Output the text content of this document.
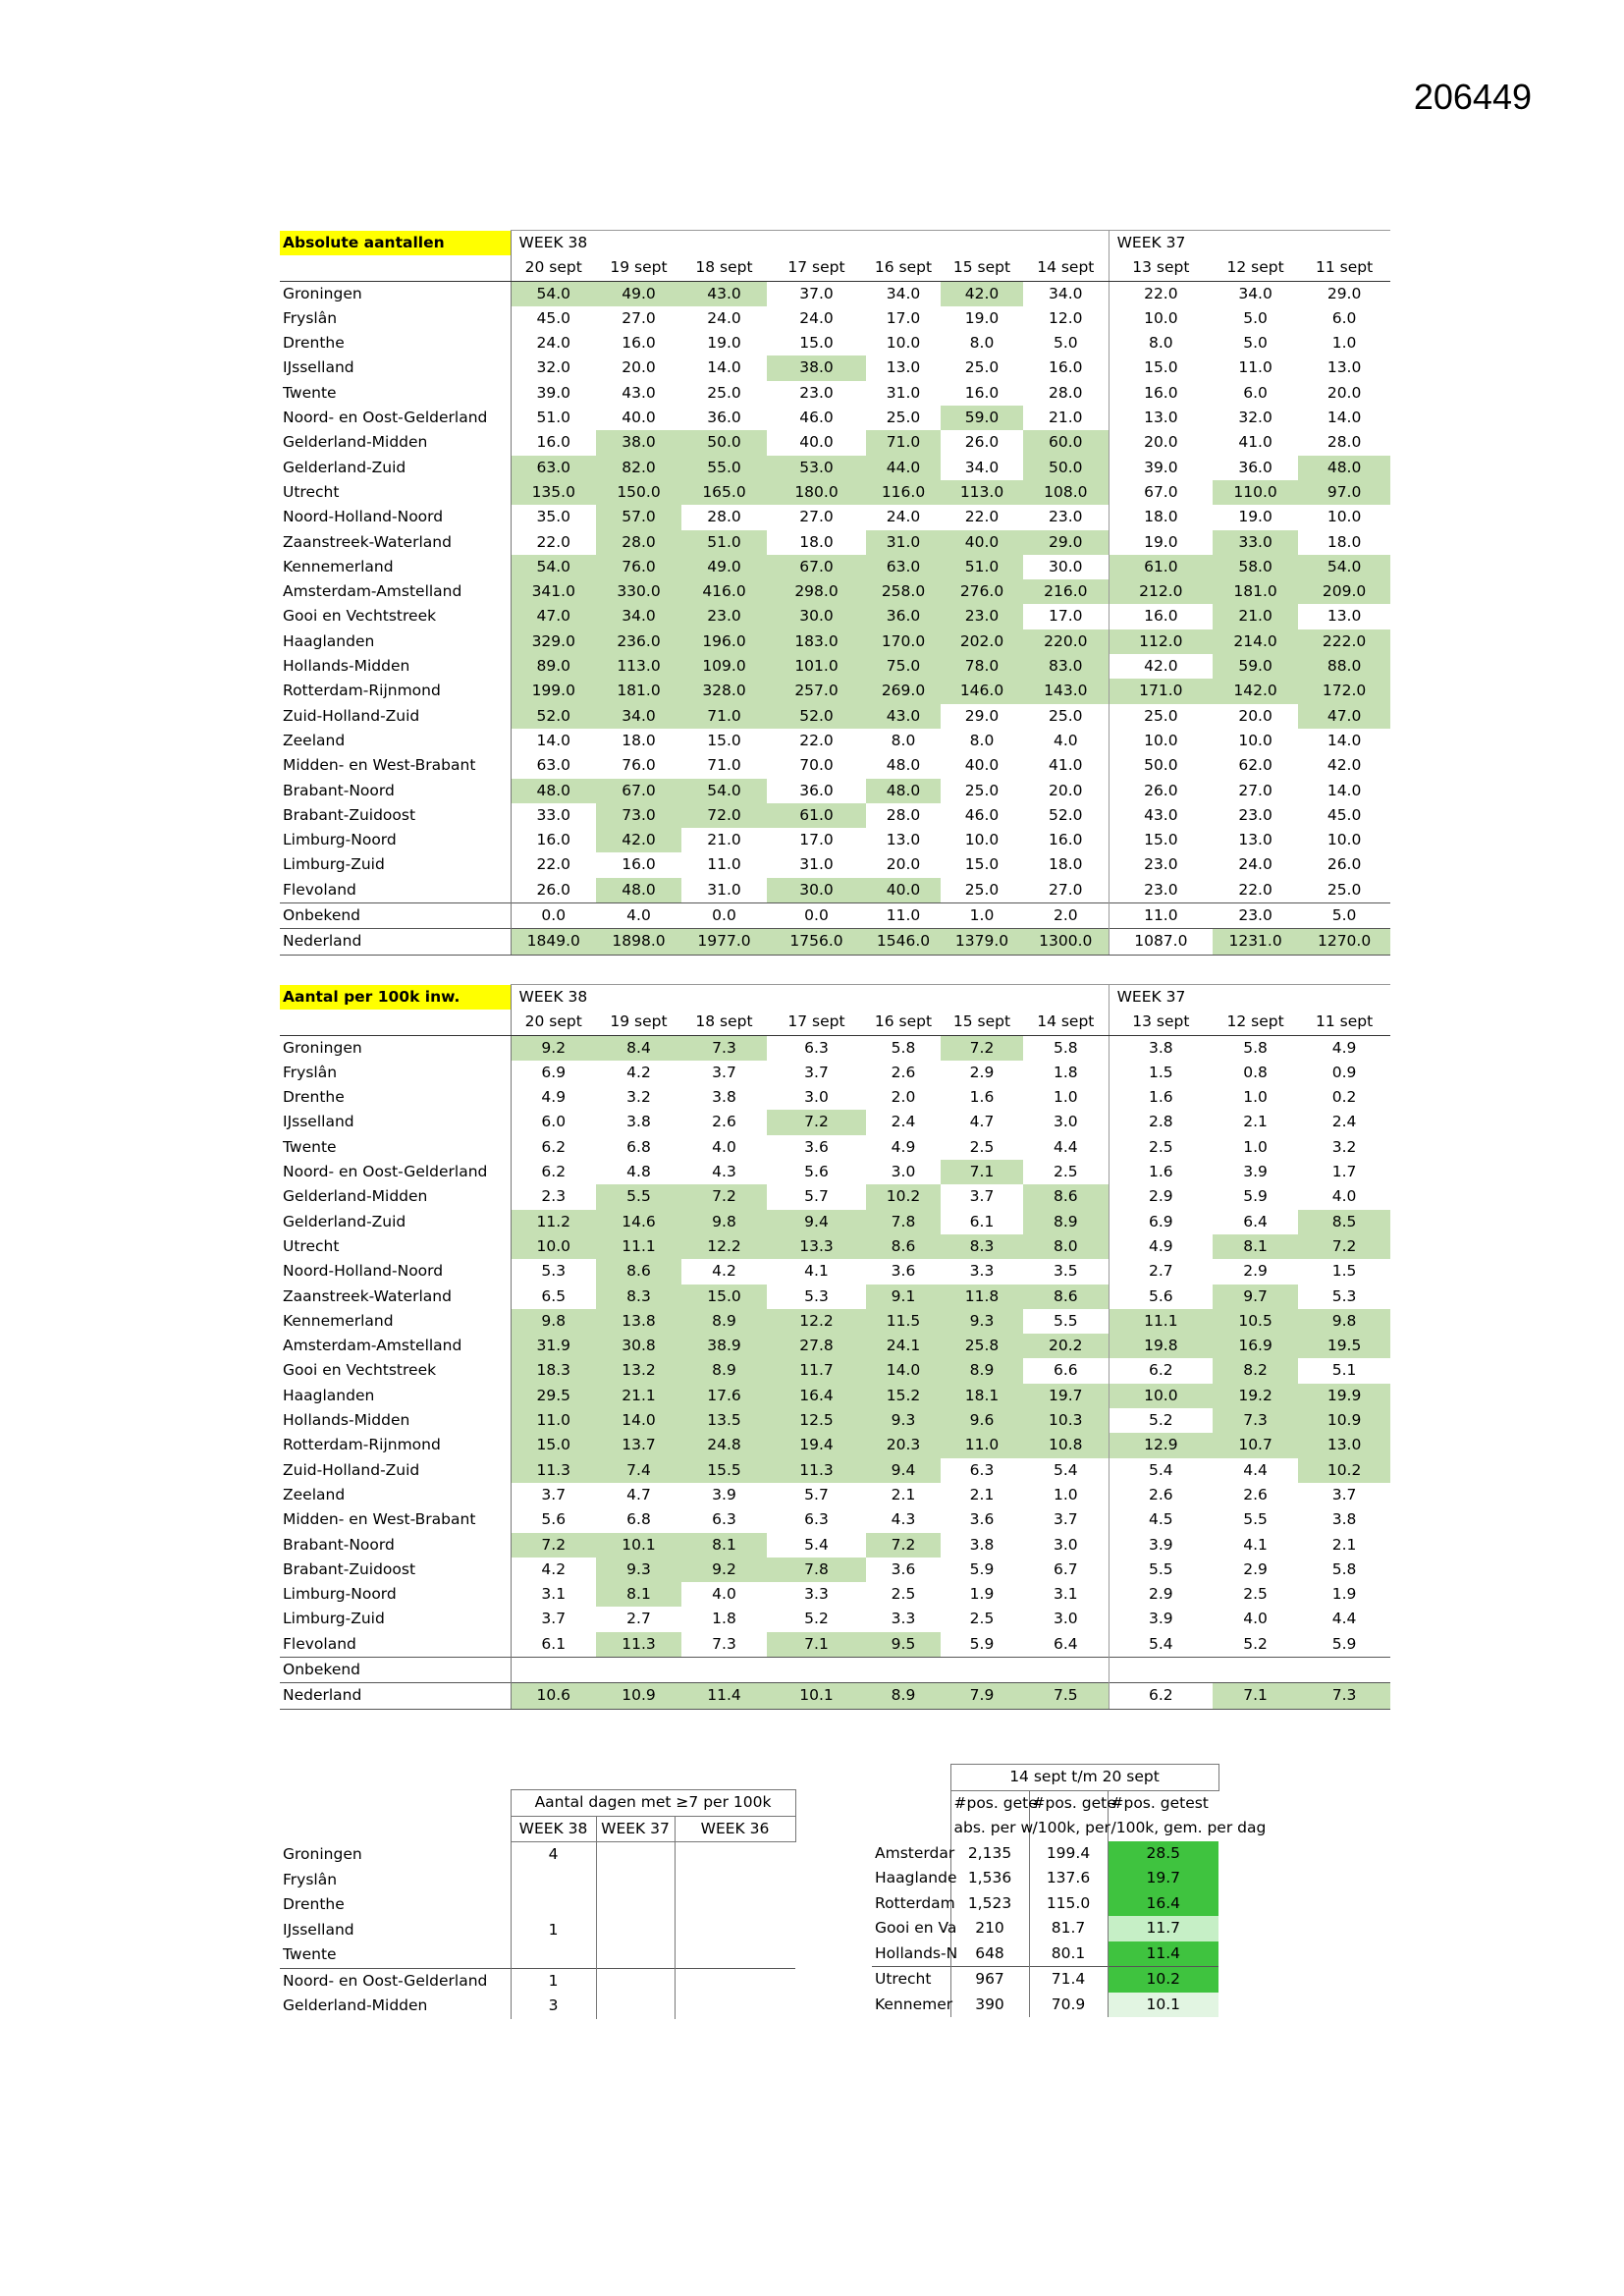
206449
Absolute aantallen	WEEK 38							WEEK 37		
	20 sept	19 sept	18 sept	17 sept	16 sept	15 sept	14 sept	13 sept	12 sept	11 sept
Groningen	54.0	49.0	43.0	37.0	34.0	42.0	34.0	22.0	34.0	29.0
Fryslân	45.0	27.0	24.0	24.0	17.0	19.0	12.0	10.0	5.0	6.0
Drenthe	24.0	16.0	19.0	15.0	10.0	8.0	5.0	8.0	5.0	1.0
IJsselland	32.0	20.0	14.0	38.0	13.0	25.0	16.0	15.0	11.0	13.0
Twente	39.0	43.0	25.0	23.0	31.0	16.0	28.0	16.0	6.0	20.0
Noord- en Oost-Gelderland	51.0	40.0	36.0	46.0	25.0	59.0	21.0	13.0	32.0	14.0
Gelderland-Midden	16.0	38.0	50.0	40.0	71.0	26.0	60.0	20.0	41.0	28.0
Gelderland-Zuid	63.0	82.0	55.0	53.0	44.0	34.0	50.0	39.0	36.0	48.0
Utrecht	135.0	150.0	165.0	180.0	116.0	113.0	108.0	67.0	110.0	97.0
Noord-Holland-Noord	35.0	57.0	28.0	27.0	24.0	22.0	23.0	18.0	19.0	10.0
Zaanstreek-Waterland	22.0	28.0	51.0	18.0	31.0	40.0	29.0	19.0	33.0	18.0
Kennemerland	54.0	76.0	49.0	67.0	63.0	51.0	30.0	61.0	58.0	54.0
Amsterdam-Amstelland	341.0	330.0	416.0	298.0	258.0	276.0	216.0	212.0	181.0	209.0
Gooi en Vechtstreek	47.0	34.0	23.0	30.0	36.0	23.0	17.0	16.0	21.0	13.0
Haaglanden	329.0	236.0	196.0	183.0	170.0	202.0	220.0	112.0	214.0	222.0
Hollands-Midden	89.0	113.0	109.0	101.0	75.0	78.0	83.0	42.0	59.0	88.0
Rotterdam-Rijnmond	199.0	181.0	328.0	257.0	269.0	146.0	143.0	171.0	142.0	172.0
Zuid-Holland-Zuid	52.0	34.0	71.0	52.0	43.0	29.0	25.0	25.0	20.0	47.0
Zeeland	14.0	18.0	15.0	22.0	8.0	8.0	4.0	10.0	10.0	14.0
Midden- en West-Brabant	63.0	76.0	71.0	70.0	48.0	40.0	41.0	50.0	62.0	42.0
Brabant-Noord	48.0	67.0	54.0	36.0	48.0	25.0	20.0	26.0	27.0	14.0
Brabant-Zuidoost	33.0	73.0	72.0	61.0	28.0	46.0	52.0	43.0	23.0	45.0
Limburg-Noord	16.0	42.0	21.0	17.0	13.0	10.0	16.0	15.0	13.0	10.0
Limburg-Zuid	22.0	16.0	11.0	31.0	20.0	15.0	18.0	23.0	24.0	26.0
Flevoland	26.0	48.0	31.0	30.0	40.0	25.0	27.0	23.0	22.0	25.0
Onbekend	0.0	4.0	0.0	0.0	11.0	1.0	2.0	11.0	23.0	5.0
Nederland	1849.0	1898.0	1977.0	1756.0	1546.0	1379.0	1300.0	1087.0	1231.0	1270.0
Aantal per 100k inw.	WEEK 38							WEEK 37		
	20 sept	19 sept	18 sept	17 sept	16 sept	15 sept	14 sept	13 sept	12 sept	11 sept
Groningen	9.2	8.4	7.3	6.3	5.8	7.2	5.8	3.8	5.8	4.9
Fryslân	6.9	4.2	3.7	3.7	2.6	2.9	1.8	1.5	0.8	0.9
Drenthe	4.9	3.2	3.8	3.0	2.0	1.6	1.0	1.6	1.0	0.2
IJsselland	6.0	3.8	2.6	7.2	2.4	4.7	3.0	2.8	2.1	2.4
Twente	6.2	6.8	4.0	3.6	4.9	2.5	4.4	2.5	1.0	3.2
Noord- en Oost-Gelderland	6.2	4.8	4.3	5.6	3.0	7.1	2.5	1.6	3.9	1.7
Gelderland-Midden	2.3	5.5	7.2	5.7	10.2	3.7	8.6	2.9	5.9	4.0
Gelderland-Zuid	11.2	14.6	9.8	9.4	7.8	6.1	8.9	6.9	6.4	8.5
Utrecht	10.0	11.1	12.2	13.3	8.6	8.3	8.0	4.9	8.1	7.2
Noord-Holland-Noord	5.3	8.6	4.2	4.1	3.6	3.3	3.5	2.7	2.9	1.5
Zaanstreek-Waterland	6.5	8.3	15.0	5.3	9.1	11.8	8.6	5.6	9.7	5.3
Kennemerland	9.8	13.8	8.9	12.2	11.5	9.3	5.5	11.1	10.5	9.8
Amsterdam-Amstelland	31.9	30.8	38.9	27.8	24.1	25.8	20.2	19.8	16.9	19.5
Gooi en Vechtstreek	18.3	13.2	8.9	11.7	14.0	8.9	6.6	6.2	8.2	5.1
Haaglanden	29.5	21.1	17.6	16.4	15.2	18.1	19.7	10.0	19.2	19.9
Hollands-Midden	11.0	14.0	13.5	12.5	9.3	9.6	10.3	5.2	7.3	10.9
Rotterdam-Rijnmond	15.0	13.7	24.8	19.4	20.3	11.0	10.8	12.9	10.7	13.0
Zuid-Holland-Zuid	11.3	7.4	15.5	11.3	9.4	6.3	5.4	5.4	4.4	10.2
Zeeland	3.7	4.7	3.9	5.7	2.1	2.1	1.0	2.6	2.6	3.7
Midden- en West-Brabant	5.6	6.8	6.3	6.3	4.3	3.6	3.7	4.5	5.5	3.8
Brabant-Noord	7.2	10.1	8.1	5.4	7.2	3.8	3.0	3.9	4.1	2.1
Brabant-Zuidoost	4.2	9.3	9.2	7.8	3.6	5.9	6.7	5.5	2.9	5.8
Limburg-Noord	3.1	8.1	4.0	3.3	2.5	1.9	3.1	2.9	2.5	1.9
Limburg-Zuid	3.7	2.7	1.8	5.2	3.3	2.5	3.0	3.9	4.0	4.4
Flevoland	6.1	11.3	7.3	7.1	9.5	5.9	6.4	5.4	5.2	5.9
Onbekend										
Nederland	10.6	10.9	11.4	10.1	8.9	7.9	7.5	6.2	7.1	7.3
	Aantal dagen met ≥7 per 100k		
	WEEK 38	WEEK 37	WEEK 36
Groningen	4		
Fryslân			
Drenthe			
IJsselland	1		
Twente			
Noord- en Oost-Gelderland	1		
Gelderland-Midden	3		
	14 sept t/m 20 sept		
	#pos. gete	#pos. gete	#pos. getest
	abs. per w	/100k, per	/100k, gem. per dag
Amsterdar	2,135	199.4	28.5
Haaglande	1,536	137.6	19.7
Rotterdam	1,523	115.0	16.4
Gooi en Va	210	81.7	11.7
Hollands-N	648	80.1	11.4
Utrecht	967	71.4	10.2
Kennemer	390	70.9	10.1
